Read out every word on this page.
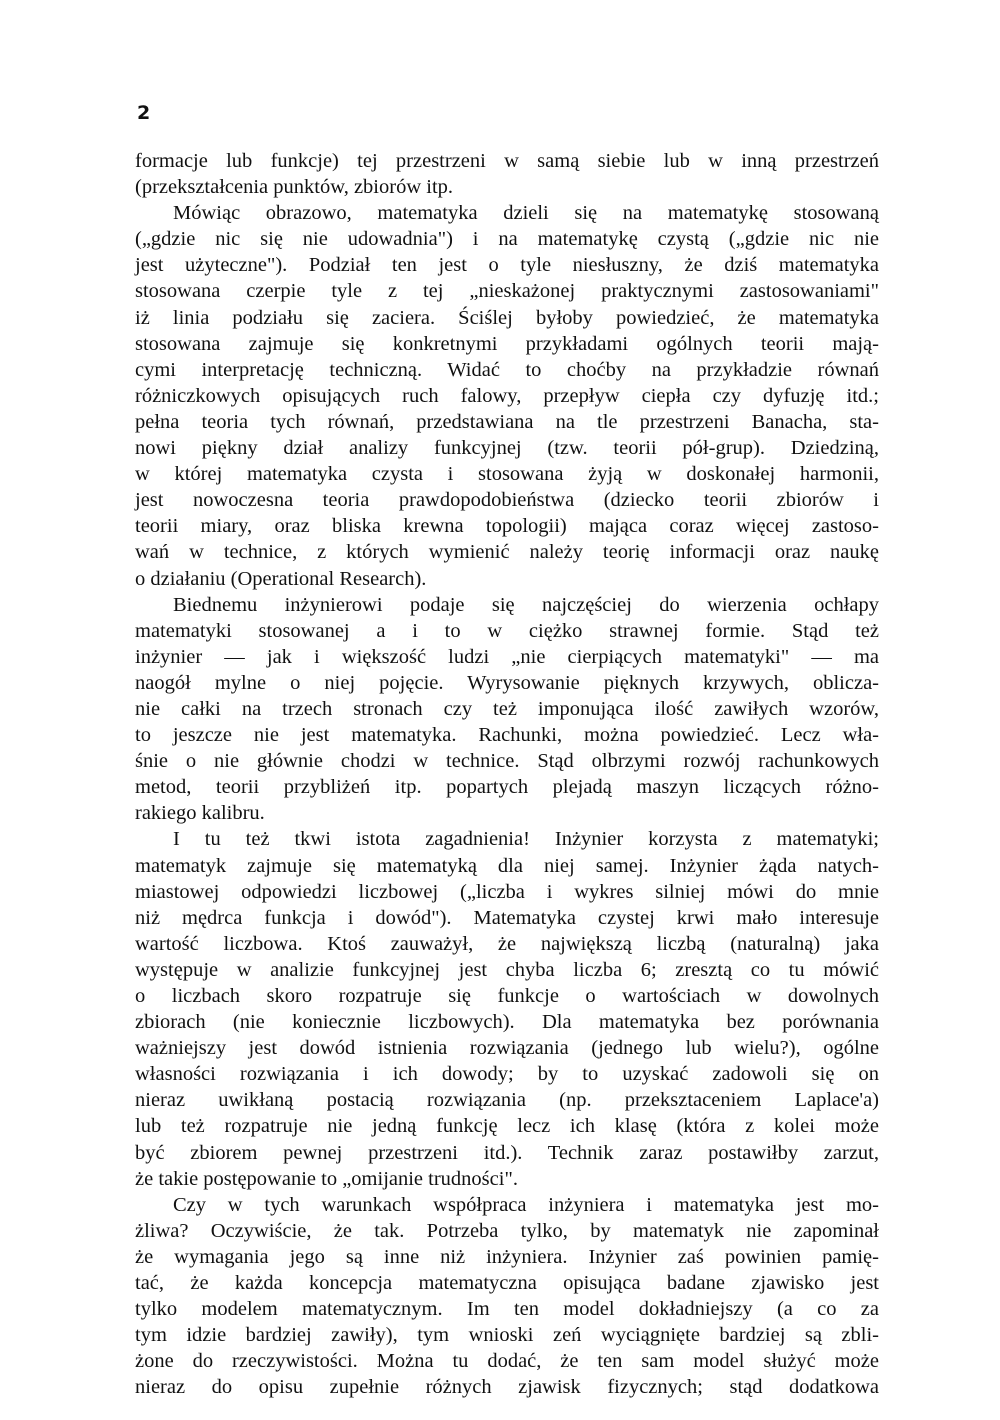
2
formacje lub funkcje) tej przestrzeni w samą siebie lub w inną przestrzeń
(przekształcenia punktów, zbiorów itp.
Mówiąc obrazowo, matematyka dzieli się na matematykę stosowaną
(„gdzie nic się nie udowadnia") i na matematykę czystą („gdzie nic nie
jest użyteczne"). Podział ten jest o tyle niesłuszny, że dziś matematyka
stosowana czerpie tyle z tej „nieskażonej praktycznymi zastosowaniami"
iż linia podziału się zaciera. Ściślej byłoby powiedzieć, że matematyka
stosowana zajmuje się konkretnymi przykładami ogólnych teorii mają-
cymi interpretację techniczną. Widać to choćby na przykładzie równań
różniczkowych opisujących ruch falowy, przepływ ciepła czy dyfuzję itd.;
pełna teoria tych równań, przedstawiana na tle przestrzeni Banacha, sta-
nowi piękny dział analizy funkcyjnej (tzw. teorii pół-grup). Dziedziną,
w której matematyka czysta i stosowana żyją w doskonałej harmonii,
jest nowoczesna teoria prawdopodobieństwa (dziecko teorii zbiorów i
teorii miary, oraz bliska krewna topologii) mająca coraz więcej zastoso-
wań w technice, z których wymienić należy teorię informacji oraz naukę
o działaniu (Operational Research).
Biednemu inżynierowi podaje się najczęściej do wierzenia ochłapy
matematyki stosowanej a i to w ciężko strawnej formie. Stąd też
inżynier — jak i większość ludzi „nie cierpiących matematyki" — ma
naogół mylne o niej pojęcie. Wyrysowanie pięknych krzywych, oblicza-
nie całki na trzech stronach czy też imponująca ilość zawiłych wzorów,
to jeszcze nie jest matematyka. Rachunki, można powiedzieć. Lecz wła-
śnie o nie głównie chodzi w technice. Stąd olbrzymi rozwój rachunkowych
metod, teorii przybliżeń itp. popartych plejadą maszyn liczących różno-
rakiego kalibru.
I tu też tkwi istota zagadnienia! Inżynier korzysta z matematyki;
matematyk zajmuje się matematyką dla niej samej. Inżynier żąda natych-
miastowej odpowiedzi liczbowej („liczba i wykres silniej mówi do mnie
niż mędrca funkcja i dowód"). Matematyka czystej krwi mało interesuje
wartość liczbowa. Ktoś zauważył, że największą liczbą (naturalną) jaka
występuje w analizie funkcyjnej jest chyba liczba 6; zresztą co tu mówić
o liczbach skoro rozpatruje się funkcje o wartościach w dowolnych
zbiorach (nie koniecznie liczbowych). Dla matematyka bez porównania
ważniejszy jest dowód istnienia rozwiązania (jednego lub wielu?), ogólne
własności rozwiązania i ich dowody; by to uzyskać zadowoli się on
nieraz uwikłaną postacią rozwiązania (np. przeksztaceniem Laplace'a)
lub też rozpatruje nie jedną funkcję lecz ich klasę (która z kolei może
być zbiorem pewnej przestrzeni itd.). Technik zaraz postawiłby zarzut,
że takie postępowanie to „omijanie trudności".
Czy w tych warunkach współpraca inżyniera i matematyka jest mo-
żliwa? Oczywiście, że tak. Potrzeba tylko, by matematyk nie zapominał
że wymagania jego są inne niż inżyniera. Inżynier zaś powinien pamię-
tać, że każda koncepcja matematyczna opisująca badane zjawisko jest
tylko modelem matematycznym. Im ten model dokładniejszy (a co za
tym idzie bardziej zawiły), tym wnioski zeń wyciągnięte bardziej są zbli-
żone do rzeczywistości. Można tu dodać, że ten sam model służyć może
nieraz do opisu zupełnie różnych zjawisk fizycznych; stąd dodatkowa
